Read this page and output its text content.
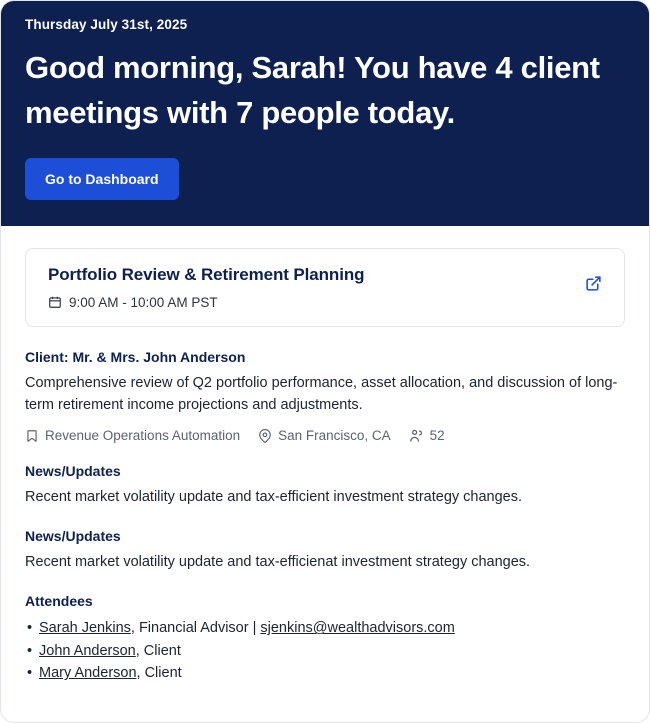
Thursday July 31st, 2025
Good morning, Sarah! You have 4 client meetings with 7 people today.
Go to Dashboard
Portfolio Review & Retirement Planning
9:00 AM - 10:00 AM PST
Client: Mr. & Mrs. John Anderson

Comprehensive review of Q2 portfolio performance, asset allocation, and discussion of long-term retirement income projections and adjustments.

Revenue Operations Automation	San Francisco, CA	52
News/Updates

Recent market volatility update and tax-efficient investment strategy changes.

News/Updates

Recent market volatility update and tax-efficienat investment strategy changes.

Attendees
• Sarah Jenkins, Financial Advisor | sjenkins@wealthadvisors.com
• John Anderson, Client
• Mary Anderson, Client
